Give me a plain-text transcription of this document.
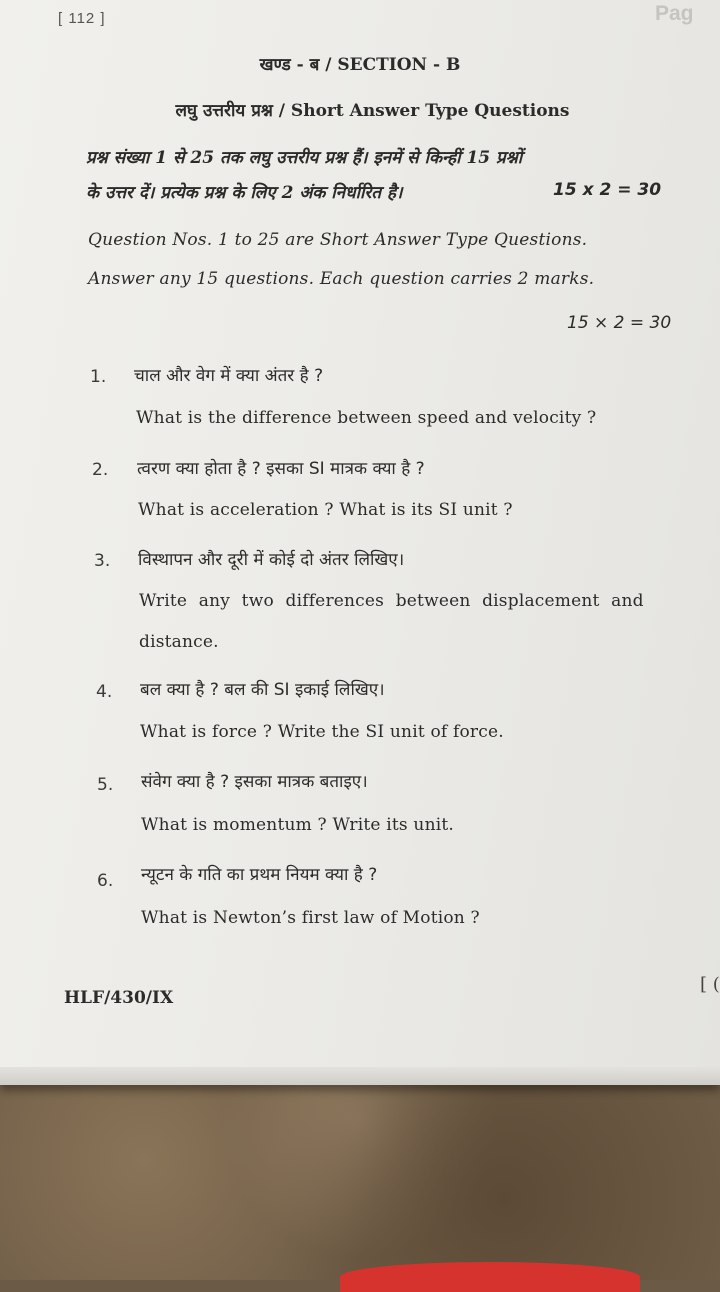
[ 112 ]	Pag
खण्ड - ब / SECTION - B
लघु उत्तरीय प्रश्न / Short Answer Type Questions
प्रश्न संख्या 1 से 25 तक लघु उत्तरीय प्रश्न हैं। इनमें से किन्हीं 15 प्रश्नों
के उत्तर दें। प्रत्येक प्रश्न के लिए 2 अंक निर्धारित है।	15 x 2 = 30
Question Nos. 1 to 25 are Short Answer Type Questions.
Answer any 15 questions. Each question carries 2 marks.
15 × 2 = 30
1. चाल और वेग में क्या अंतर है ?
What is the difference between speed and velocity ?
2. त्वरण क्या होता है ? इसका SI मात्रक क्या है ?
What is acceleration ? What is its SI unit ?
3. विस्थापन और दूरी में कोई दो अंतर लिखिए।
Write any two differences between displacement and
distance.
4. बल क्या है ? बल की SI इकाई लिखिए।
What is force ? Write the SI unit of force.
5. संवेग क्या है ? इसका मात्रक बताइए।
What is momentum ? Write its unit.
6. न्यूटन के गति का प्रथम नियम क्या है ?
What is Newton’s first law of Motion ?
HLF/430/IX
[ (
